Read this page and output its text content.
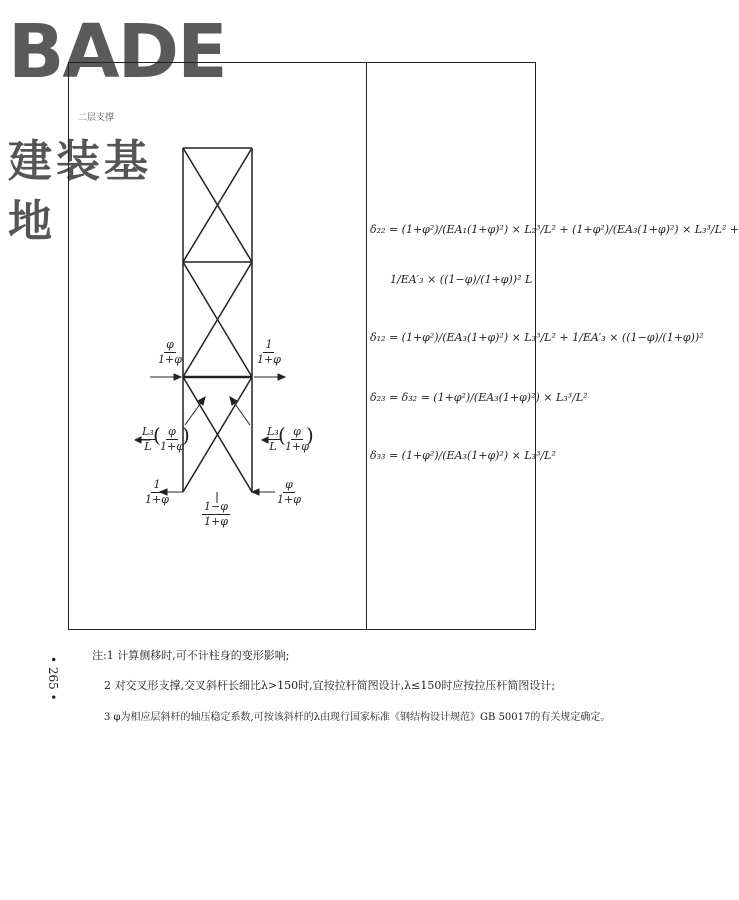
BADE
二层支撑
建装基地
$\frac{\varphi}{1+\varphi}$	$\frac{1}{1+\varphi}$
$\frac{\text{L₃}}{L}$
( $\frac{\varphi}{1+\varphi}$
)	$\frac{\text{L₃}}{L}$
( $\frac{\varphi}{1+\varphi}$
)
$\frac{1}{1+\varphi}$	$\frac{\varphi}{1+\varphi}$
$\frac{1-\varphi}{1+\varphi}$
δ₂₂ = (1+φ²)/(EA₁(1+φ)²) × L₂³/L² + (1+φ²)/(EA₃(1+φ)²) × L₃³/L² +
1/EA′₃ × ((1−φ)/(1+φ))² L
δ₁₂ = (1+φ²)/(EA₃(1+φ)²) × L₃³/L² + 1/EA′₃ × ((1−φ)/(1+φ))²
δ₂₃ = δ₃₂ = (1+φ²)/(EA₃(1+φ)²) × L₃³/L²
δ₃₃ = (1+φ²)/(EA₃(1+φ)²) × L₃³/L²
• 265 •
注:1 计算侧移时,可不计柱身的变形影响;
2 对交叉形支撑,交叉斜杆长细比λ>150时,宜按拉杆简图设计,λ≤150时应按拉压杆简图设计;
3 φ为相应层斜杆的轴压稳定系数,可按该斜杆的λ由现行国家标准《钢结构设计规范》GB 50017的有关规定确定。
